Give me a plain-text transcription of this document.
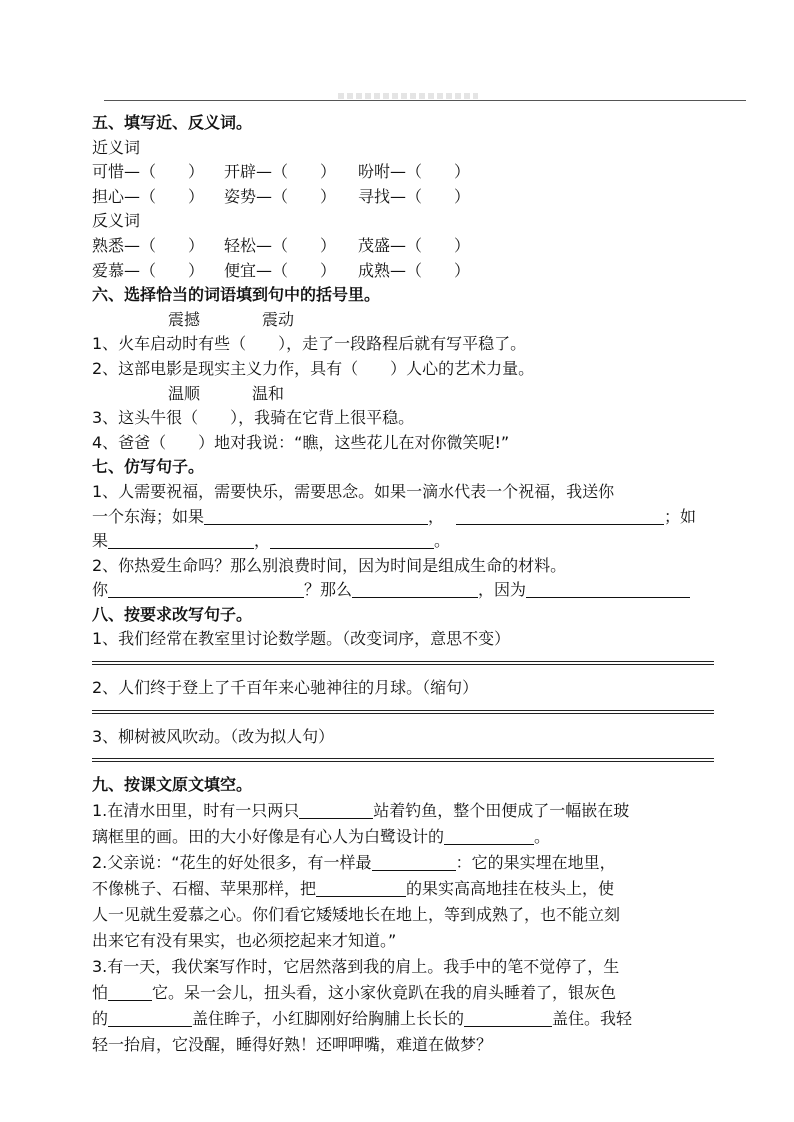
五、填写近、反义词。
近义词
可惜—（　　） 开辟—（　　） 吩咐—（　　）
担心—（　　） 姿势—（　　） 寻找—（　　）
反义词
熟悉—（　　） 轻松—（　　） 茂盛—（　　）
爱慕—（　　） 便宜—（　　） 成熟—（　　）
六、选择恰当的词语填到句中的括号里。
震撼	震动
1、火车启动时有些（　　），走了一段路程后就有写平稳了。
2、这部电影是现实主义力作，具有（　　）人心的艺术力量。
温顺	温和
3、这头牛很（　　），我骑在它背上很平稳。
4、爸爸（　　）地对我说：“瞧，这些花儿在对你微笑呢!”
七、仿写句子。
1、人需要祝福，需要快乐，需要思念。如果一滴水代表一个祝福，我送你
一个东海；如果	，	；如
果	，	。
2、你热爱生命吗？那么别浪费时间，因为时间是组成生命的材料。
你	？那么	，因为
八、按要求改写句子。
1、我们经常在教室里讨论数学题。（改变词序，意思不变）
2、人们终于登上了千百年来心驰神往的月球。（缩句）
3、柳树被风吹动。（改为拟人句）
九、按课文原文填空。
1.在清水田里，时有一只两只	站着钓鱼，整个田便成了一幅嵌在玻
璃框里的画。田的大小好像是有心人为白鹭设计的	。
2.父亲说：“花生的好处很多，有一样最	：它的果实埋在地里，
不像桃子、石榴、苹果那样，把	的果实高高地挂在枝头上，使
人一见就生爱慕之心。你们看它矮矮地长在地上，等到成熟了，也不能立刻
出来它有没有果实，也必须挖起来才知道。”
3.有一天，我伏案写作时，它居然落到我的肩上。我手中的笔不觉停了，生
怕	它。呆一会儿，扭头看，这小家伙竟趴在我的肩头睡着了，银灰色
的	盖住眸子，小红脚刚好给胸脯上长长的	盖住。我轻
轻一抬肩，它没醒，睡得好熟！还呷呷嘴，难道在做梦？
